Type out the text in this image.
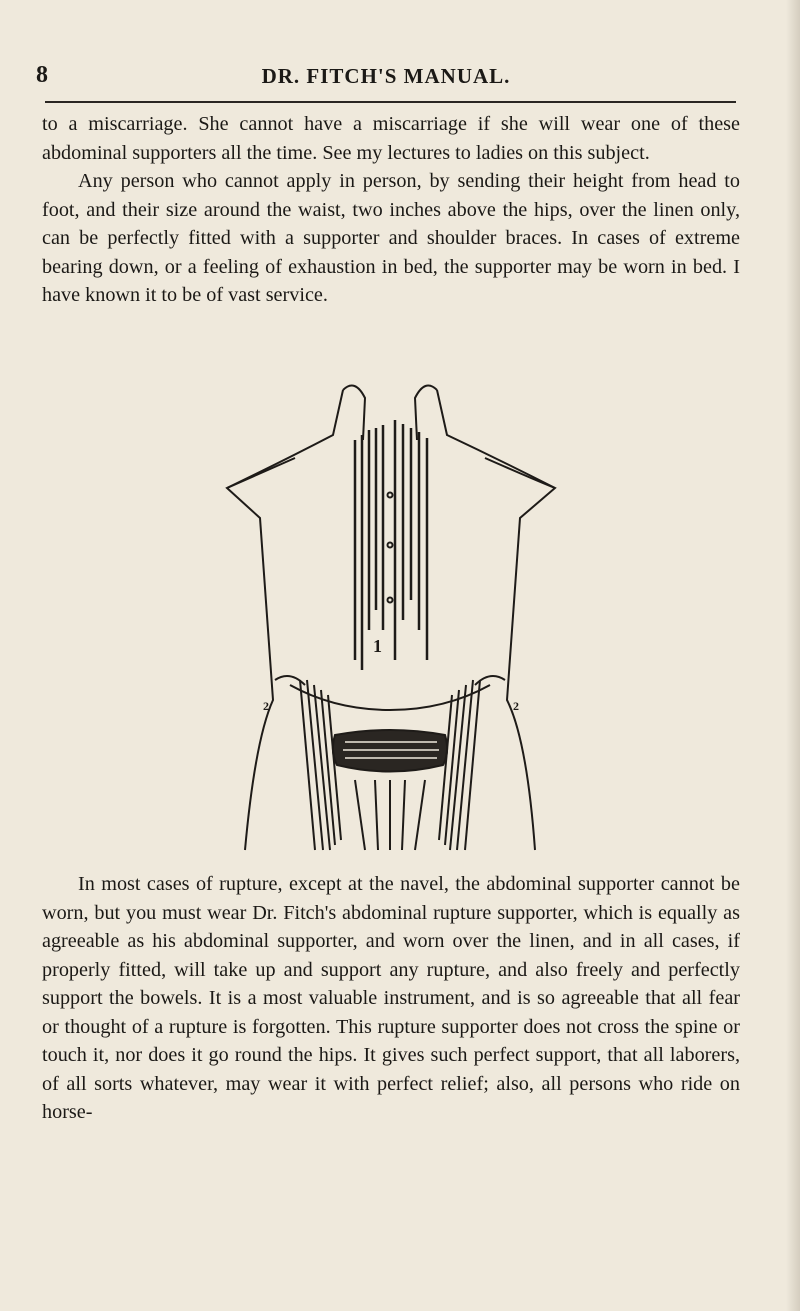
8	DR. FITCH'S MANUAL.

to a miscarriage. She cannot have a miscarriage if she will wear one of these abdominal supporters all the time. See my lectures to ladies on this subject.

Any person who cannot apply in person, by sending their height from head to foot, and their size around the waist, two inches above the hips, over the linen only, can be perfectly fitted with a supporter and shoulder braces. In cases of extreme bearing down, or a feeling of exhaustion in bed, the supporter may be worn in bed. I have known it to be of vast service.

1
2	2

In most cases of rupture, except at the navel, the abdominal supporter cannot be worn, but you must wear Dr. Fitch's abdominal rupture supporter, which is equally as agreeable as his abdominal supporter, and worn over the linen, and in all cases, if properly fitted, will take up and support any rupture, and also freely and perfectly support the bowels. It is a most valuable instrument, and is so agreeable that all fear or thought of a rupture is forgotten. This rupture supporter does not cross the spine or touch it, nor does it go round the hips. It gives such perfect support, that all laborers, of all sorts whatever, may wear it with perfect relief; also, all persons who ride on horse-
